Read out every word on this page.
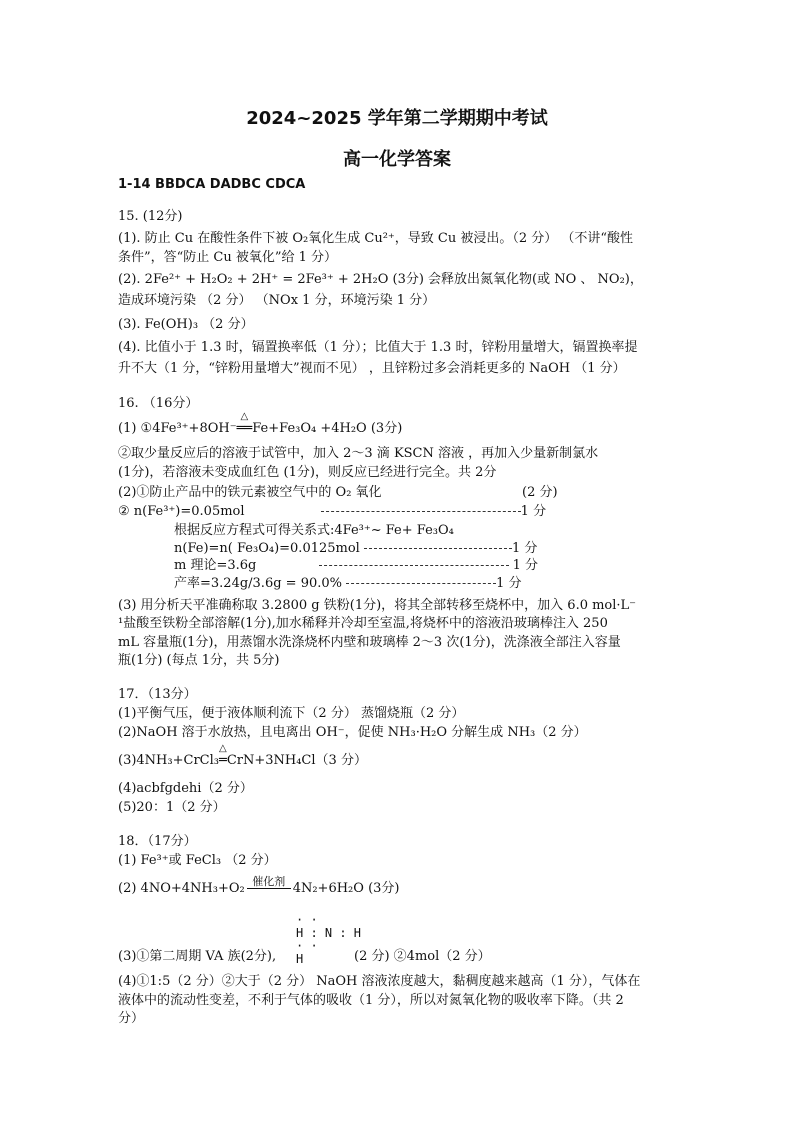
2024~2025 学年第二学期期中考试
高一化学答案
1-14 BBDCA DADBC CDCA
15. (12分)
(1). 防止 Cu 在酸性条件下被 O₂氧化生成 Cu²⁺，导致 Cu 被浸出。（2 分） （不讲“酸性
条件”，答“防止 Cu 被氧化”给 1 分）
(2). 2Fe²⁺ + H₂O₂ + 2H⁺ = 2Fe³⁺ + 2H₂O (3分) 会释放出氮氧化物(或 NO 、 NO₂)，
造成环境污染 （2 分） （NOx 1 分，环境污染 1 分）
(3). Fe(OH)₃ （2 分）
(4). 比值小于 1.3 时，镉置换率低（1 分）；比值大于 1.3 时，锌粉用量增大，镉置换率提
升不大（1 分，“锌粉用量增大”视而不见） ，且锌粉过多会消耗更多的 NaOH （1 分）
16. （16分）
(1) ①4Fe³⁺+8OH⁻△ ══Fe+Fe₃O₄ +4H₂O (3分)
②取少量反应后的溶液于试管中，加入 2～3 滴 KSCN 溶液 ，再加入少量新制氯水
(1分)，若溶液未变成血红色 (1分)，则反应已经进行完全。共 2分
(2)①防止产品中的铁元素被空气中的 O₂ 氧化	(2 分)
② n(Fe³⁺)=0.05mol	1 分
根据反应方程式可得关系式:4Fe³⁺~ Fe+ Fe₃O₄
n(Fe)=n( Fe₃O₄)=0.0125mol	1 分
m 理论=3.6g	1 分
产率=3.24g/3.6g = 90.0%	1 分
(3) 用分析天平准确称取 3.2800 g 铁粉(1分)，将其全部转移至烧杯中，加入 6.0 mol·L⁻
¹盐酸至铁粉全部溶解(1分),加水稀释并冷却至室温,将烧杯中的溶液沿玻璃棒注入 250
mL 容量瓶(1分)，用蒸馏水洗涤烧杯内壁和玻璃棒 2～3 次(1分)，洗涤液全部注入容量
瓶(1分) (每点 1分，共 5分)
17．（13分）
(1)平衡气压，便于液体顺利流下（2 分） 蒸馏烧瓶（2 分）
(2)NaOH 溶于水放热，且电离出 OH⁻，促使 NH₃·H₂O 分解生成 NH₃（2 分）
(3)4NH₃+CrCl₃△ ═CrN+3NH₄Cl（3 分）
(4)acbfgdehi（2 分）
(5)20：1（2 分）
18．（17分）
(1) Fe³⁺或 FeCl₃ （2 分）
(2) 4NO+4NH₃+O₂ 催化剂 4N₂+6H₂O (3分)
· ·
H : N : H
· ·
H
(3)①第二周期 VA 族(2分),	(2 分) ②4mol（2 分）
(4)①1:5（2 分）②大于（2 分） NaOH 溶液浓度越大，黏稠度越来越高（1 分），气体在
液体中的流动性变差，不利于气体的吸收（1 分），所以对氮氧化物的吸收率下降。（共 2
分）
